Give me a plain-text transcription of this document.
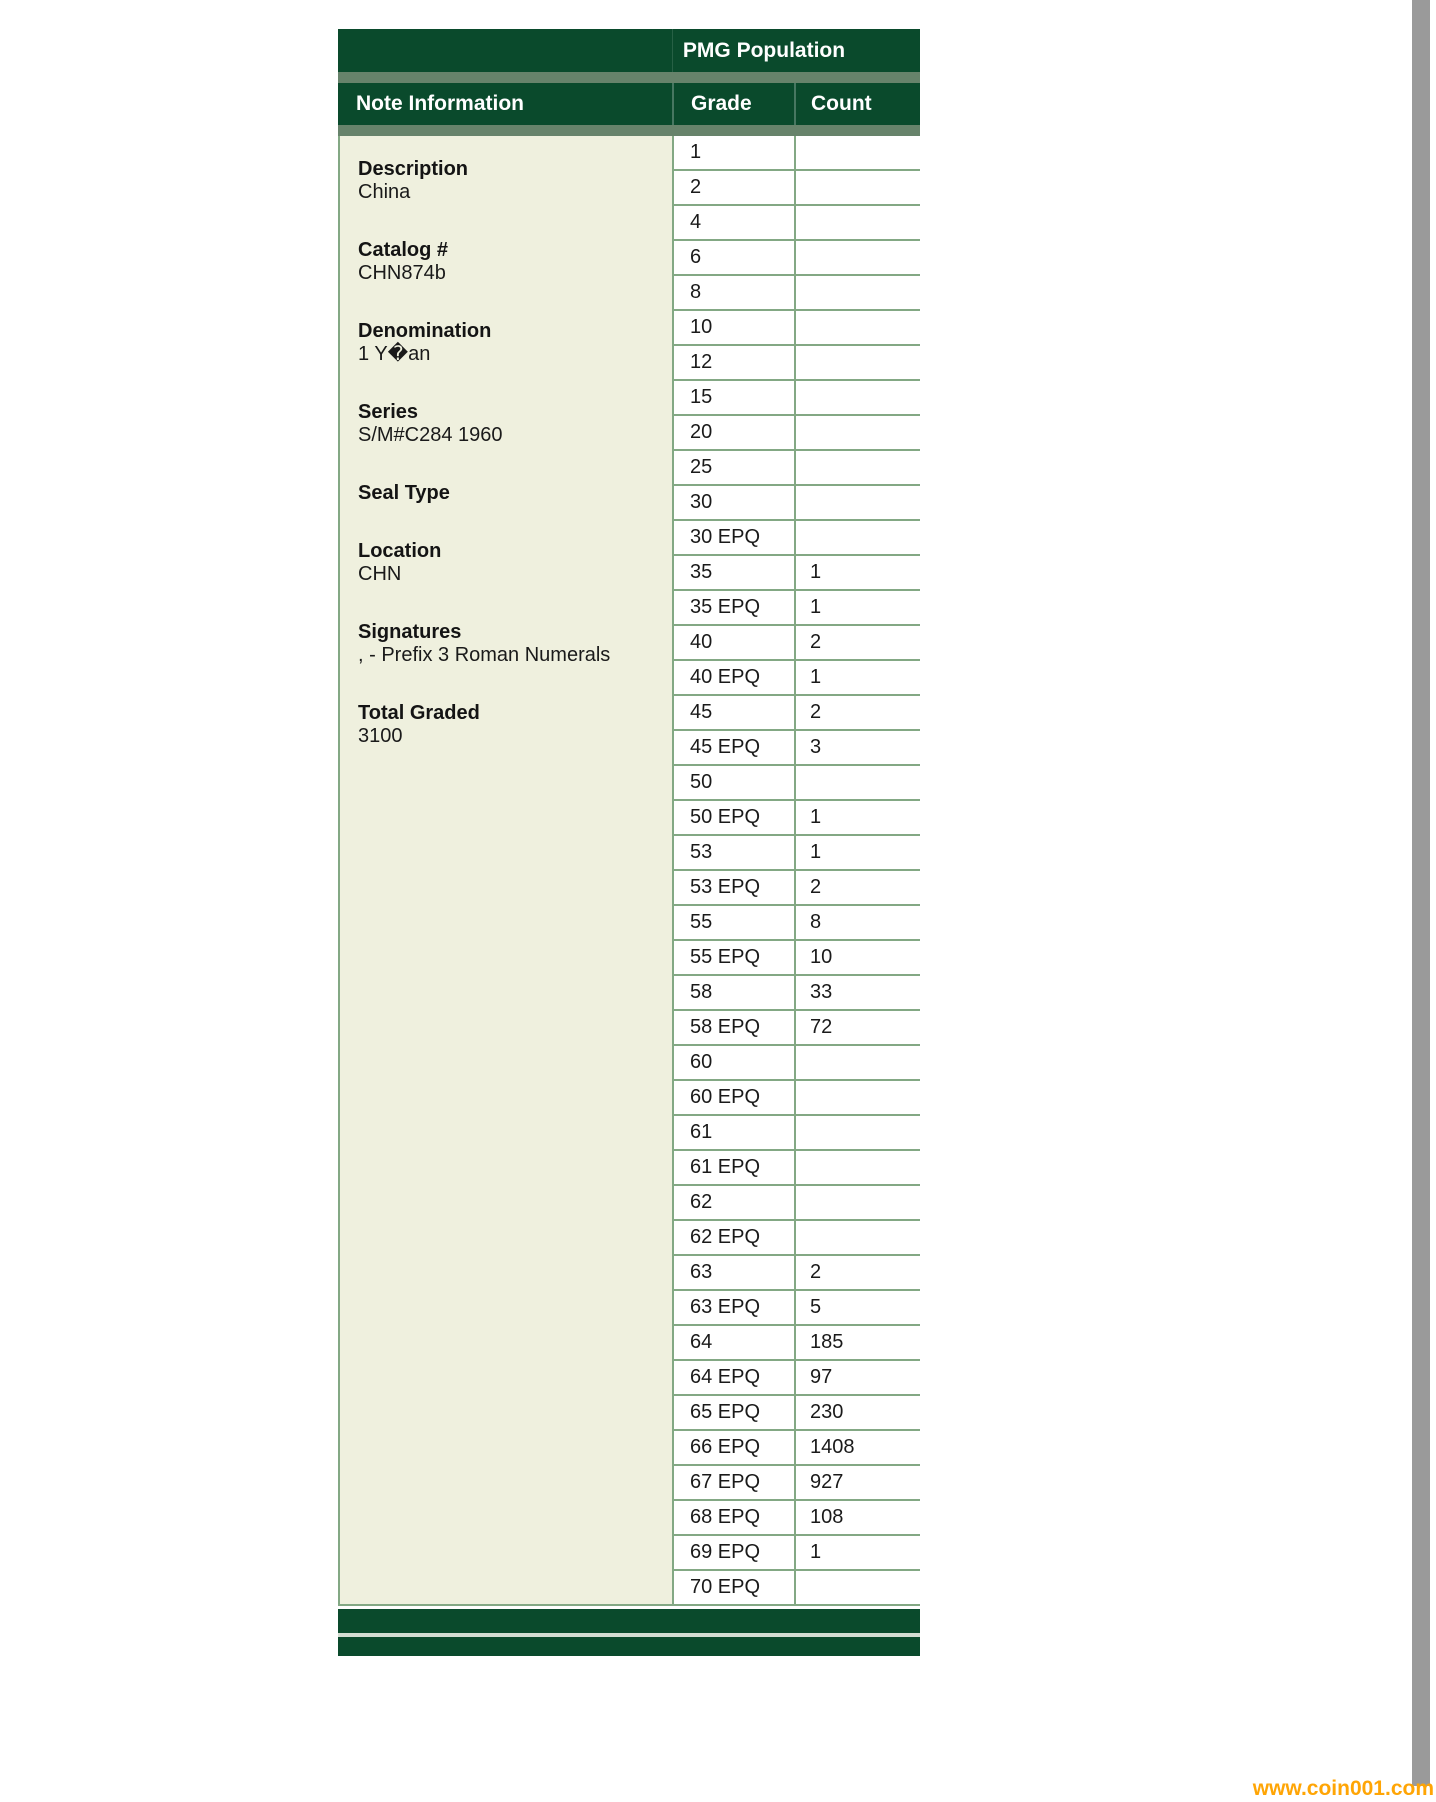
PMG Population
Note Information	Grade	Count
Description
China
Catalog #
CHN874b
Denomination
1 Y�an
Series
S/M#C284 1960
Seal Type
Location
CHN
Signatures
, - Prefix 3 Roman Numerals
Total Graded
3100
1
2
4
6
8
10
12
15
20
25
30
30 EPQ
35	1
35 EPQ	1
40	2
40 EPQ	1
45	2
45 EPQ	3
50
50 EPQ	1
53	1
53 EPQ	2
55	8
55 EPQ	10
58	33
58 EPQ	72
60
60 EPQ
61
61 EPQ
62
62 EPQ
63	2
63 EPQ	5
64	185
64 EPQ	97
65 EPQ	230
66 EPQ	1408
67 EPQ	927
68 EPQ	108
69 EPQ	1
70 EPQ
www.coin001.com
